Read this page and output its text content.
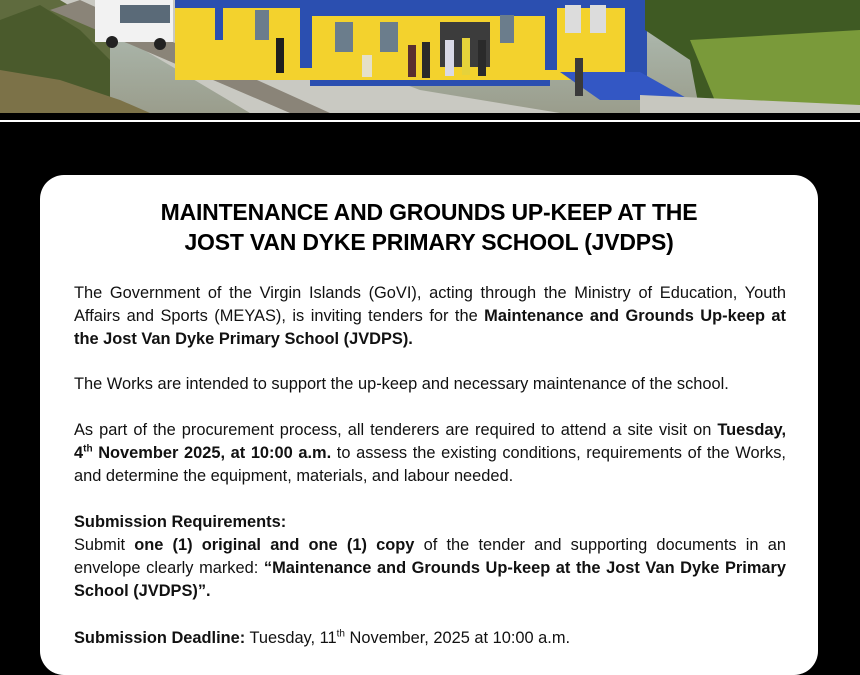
MAINTENANCE AND GROUNDS UP-KEEP AT THE
JOST VAN DYKE PRIMARY SCHOOL (JVDPS)

The Government of the Virgin Islands (GoVI), acting through the Ministry of Education, Youth Affairs and Sports (MEYAS), is inviting tenders for the Maintenance and Grounds Up-keep at the Jost Van Dyke Primary School (JVDPS).

The Works are intended to support the up-keep and necessary maintenance of the school.

As part of the procurement process, all tenderers are required to attend a site visit on Tuesday, 4th November 2025, at 10:00 a.m. to assess the existing conditions, requirements of the Works, and determine the equipment, materials, and labour needed.

Submission Requirements:
Submit one (1) original and one (1) copy of the tender and supporting documents in an envelope clearly marked: “Maintenance and Grounds Up-keep at the Jost Van Dyke Primary School (JVDPS)”.

Submission Deadline: Tuesday, 11th November, 2025 at 10:00 a.m.
